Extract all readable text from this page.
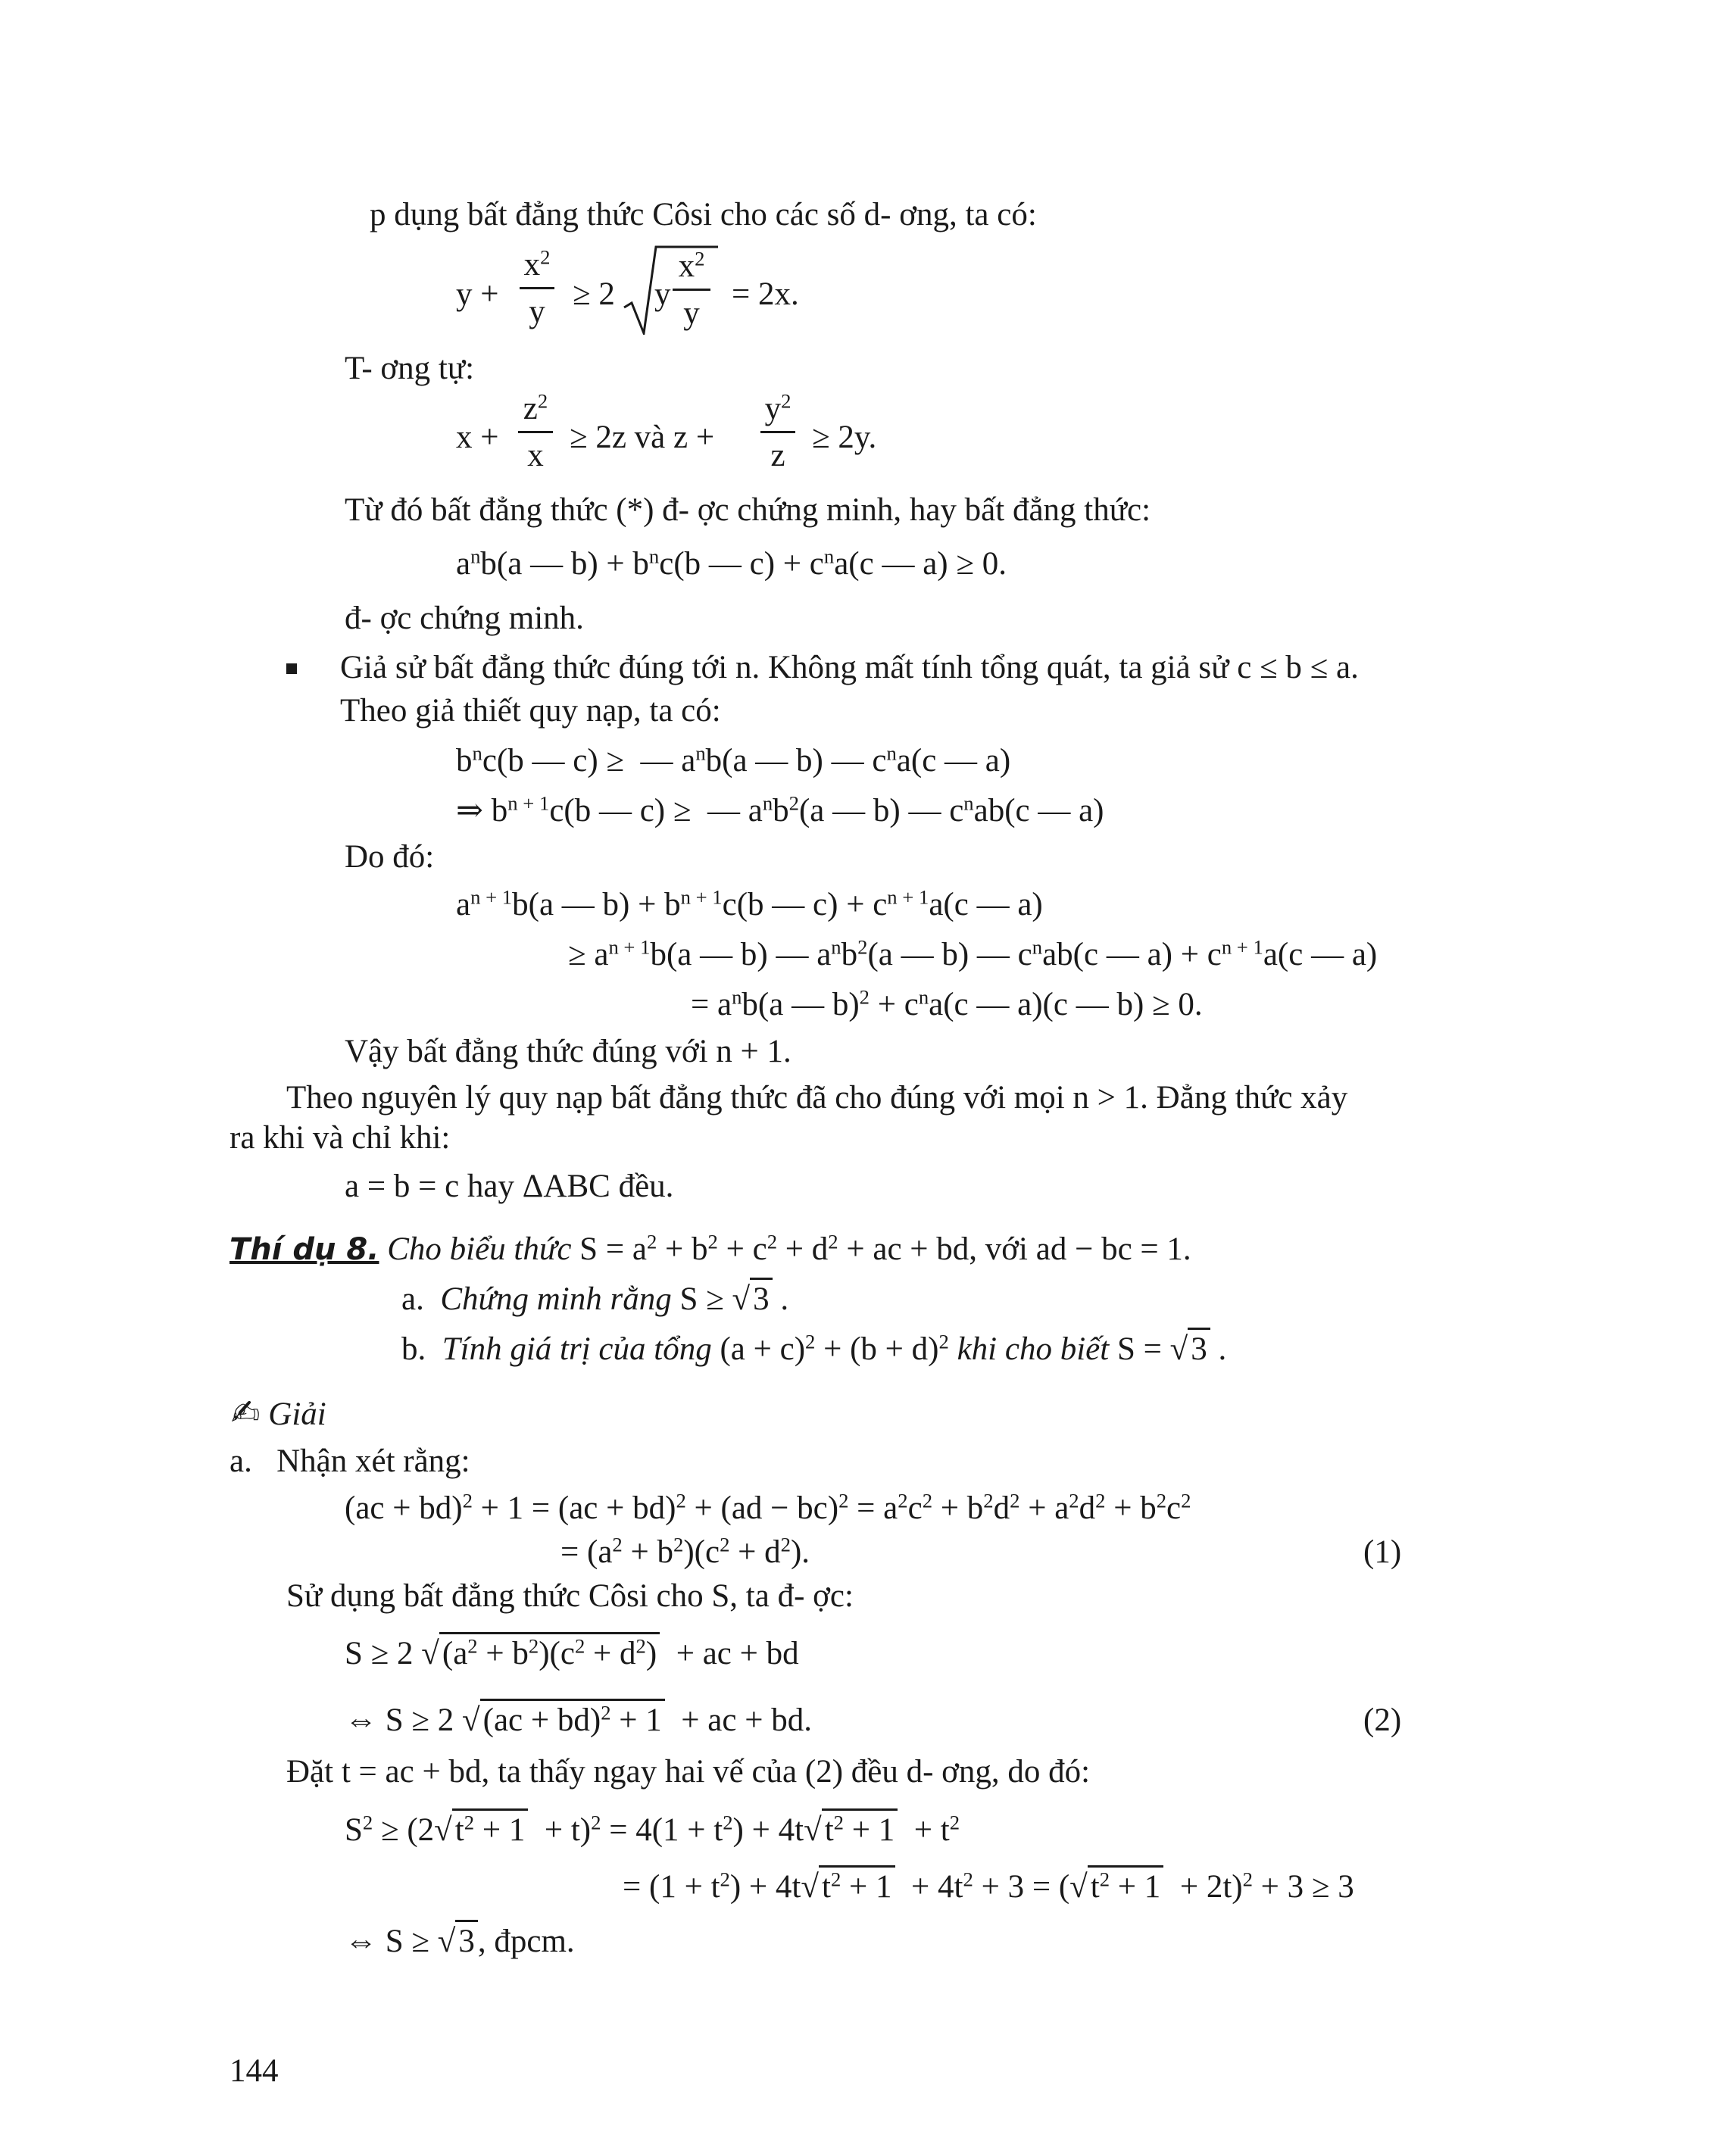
p dụng bất đẳng thức Côsi cho các số d- ơng, ta có:
y +
$x^2$
y ≥ 2 y
$x^2$
y
= 2x.
T- ơng tự:
x +
$z^2$
x
≥ 2z và z +
$y^2$
z
≥ 2y.
Từ đó bất đẳng thức (*) đ- ợc chứng minh, hay bất đẳng thức:
$a^nb(a$ — $b) + b^nc(b$ — $c) + c^na(c$ — a) ≥ 0.
đ- ợc chứng minh.
Giả sử bất đẳng thức đúng tới n. Không mất tính tổng quát, ta giả sử c ≤ b ≤ a.
Theo giả thiết quy nạp, ta có:
$b^nc(b$ — c) ≥  — $a^nb(a$ — b) — $c^na(c$ — a)
⇒ $b^{n + 1}c(b$ — c) ≥  — $a^nb^2(a$ — b) — $c^nab(c$ — a)
Do đó:
$a^{n + 1}b(a$ — $b) + b^{n + 1}c(b$ — $c) + c^{n + 1}a(c$ — a)
≥ $a^{n + 1}b(a$ — b) — $a^nb^2(a$ — b) — $c^nab(c$ — $a) + c^{n + 1}a(c$ — a)
= $a^nb(a$ — $b)^2 + c^na(c$ — a)(c — b) ≥ 0.
Vậy bất đẳng thức đúng với n + 1.
Theo nguyên lý quy nạp bất đẳng thức đã cho đúng với mọi n > 1. Đẳng thức xảy
ra khi và chỉ khi:
a = b = c hay ΔABC đều.
Thí dụ 8. Cho biểu thức $S = a^2 + b^2 + c^2 + d^2$ + ac + bd, với ad − bc = 1.
a. Chứng minh rằng S ≥ √3 .
b. Tính giá trị của tổng $(a + c)^2 + (b + d)^2$ khi cho biết S = √3 .
✍ Giải
a. Nhận xét rằng:
$(ac + bd)^2 + 1 = (ac + bd)^2 + (ad - bc)^2 = a^2c^2 + b^2d^2 + a^2d^2 + b^2c^2$
= $(a^2 + b^2)(c^2 + d^2)$.	(1)
Sử dụng bất đẳng thức Côsi cho S, ta đ- ợc:
S ≥ 2 $√(a^2 + b^2)(c^2 + d^2)$  + ac + bd
⇔ S ≥ 2 √(ac + bd)$^2$ + 1  + ac + bd.	(2)
Đặt t = ac + bd, ta thấy ngay hai vế của (2) đều d- ơng, do đó:
$S^2 \ge (2√t^2 + 1 + t)^2 = 4(1 + t^2) + 4t√t^2 + 1 + t^2$
= $(1 + t^2) + 4t√t^2 + 1 + 4t^2 + 3 = (√t^2 + 1 + 2t)^2 + 3 \ge 3$
⇔ S ≥ √3, đpcm.
144
